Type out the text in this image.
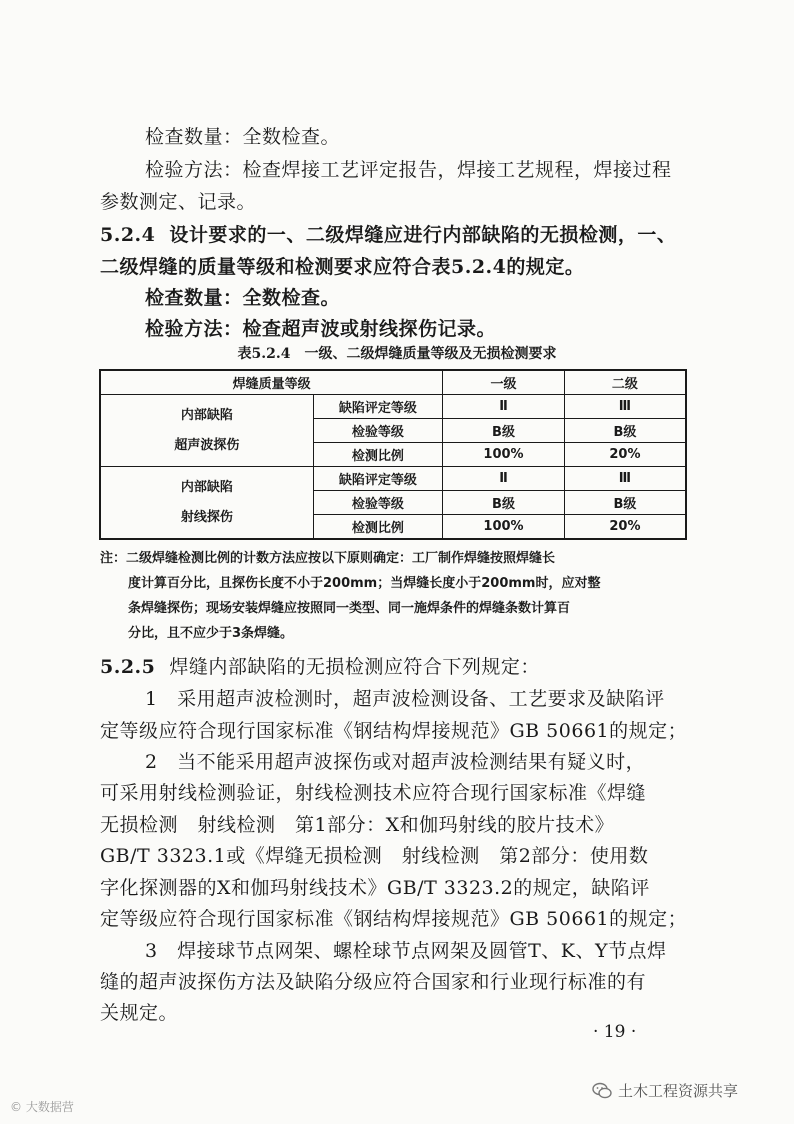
检查数量：全数检查。
检验方法：检查焊接工艺评定报告，焊接工艺规程，焊接过程
参数测定、记录。
5.2.4 设计要求的一、二级焊缝应进行内部缺陷的无损检测，一、
二级焊缝的质量等级和检测要求应符合表5.2.4的规定。
检查数量：全数检查。
检验方法：检查超声波或射线探伤记录。
表5.2.4　一级、二级焊缝质量等级及无损检测要求
焊缝质量等级		一级	二级

内部缺陷
超声波探伤	缺陷评定等级	Ⅱ	Ⅲ
	检验等级	B级	B级
	检测比例	100%	20%

内部缺陷
射线探伤	缺陷评定等级	Ⅱ	Ⅲ
	检验等级	B级	B级
	检测比例	100%	20%
注：二级焊缝检测比例的计数方法应按以下原则确定：工厂制作焊缝按照焊缝长
度计算百分比，且探伤长度不小于200mm；当焊缝长度小于200mm时，应对整
条焊缝探伤；现场安装焊缝应按照同一类型、同一施焊条件的焊缝条数计算百
分比，且不应少于3条焊缝。
5.2.5 焊缝内部缺陷的无损检测应符合下列规定：
1　采用超声波检测时，超声波检测设备、工艺要求及缺陷评
定等级应符合现行国家标准《钢结构焊接规范》GB 50661的规定；
2　当不能采用超声波探伤或对超声波检测结果有疑义时，
可采用射线检测验证，射线检测技术应符合现行国家标准《焊缝
无损检测　射线检测　第1部分：X和伽玛射线的胶片技术》
GB/T 3323.1或《焊缝无损检测　射线检测　第2部分：使用数
字化探测器的X和伽玛射线技术》GB/T 3323.2的规定，缺陷评
定等级应符合现行国家标准《钢结构焊接规范》GB 50661的规定；
3　焊接球节点网架、螺栓球节点网架及圆管T、K、Y节点焊
缝的超声波探伤方法及缺陷分级应符合国家和行业现行标准的有
关规定。
· 19 ·
© 大数据营
土木工程资源共享
